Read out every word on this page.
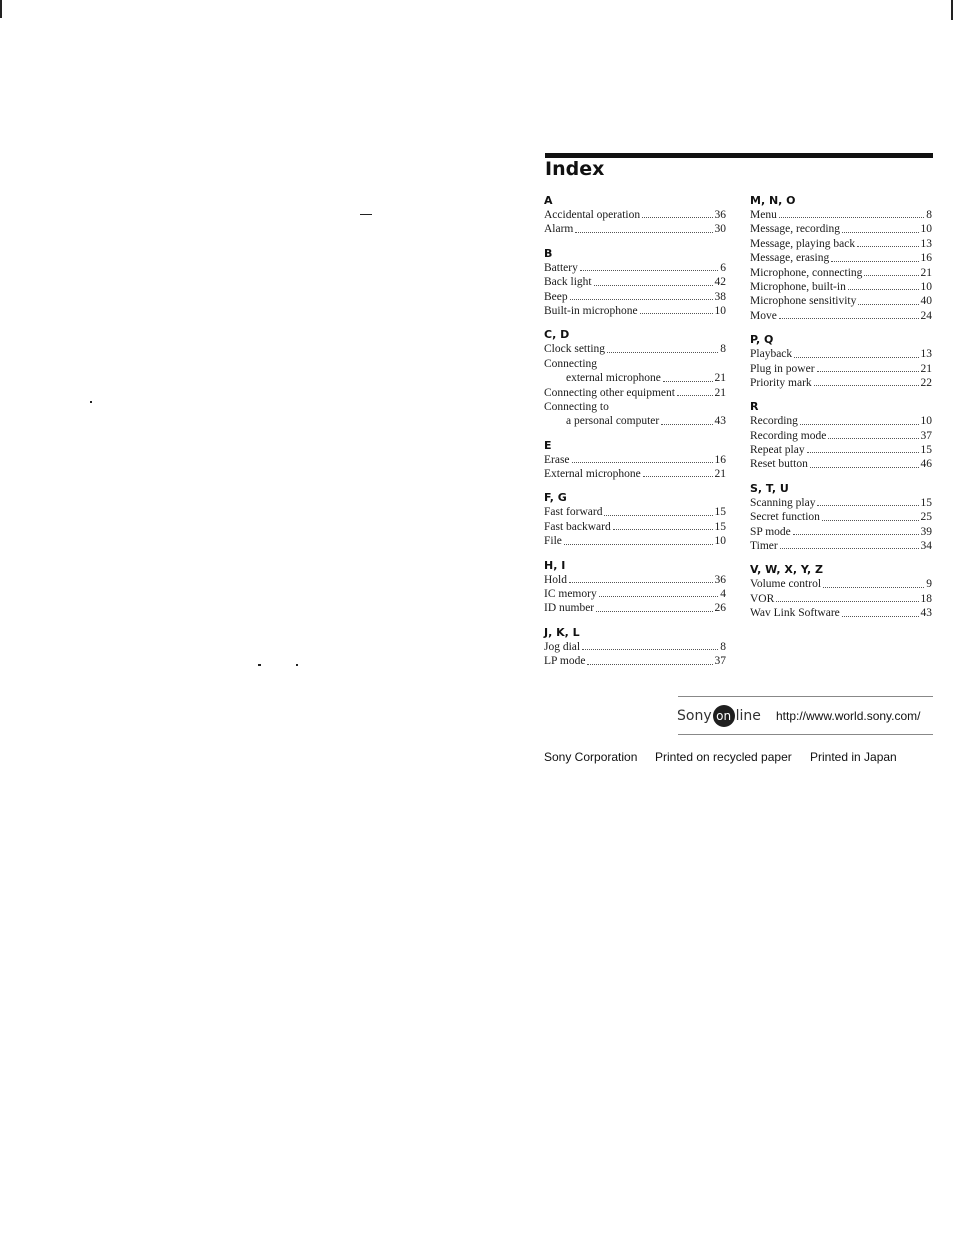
Index
A
Accidental operation	36
Alarm	30
B
Battery	6
Back light	42
Beep	38
Built-in microphone	10
C, D
Clock setting	8
Connecting
external microphone	21
Connecting other equipment	21
Connecting to
a personal computer	43
E
Erase	16
External microphone	21
F, G
Fast forward	15
Fast backward	15
File	10
H, I
Hold	36
IC memory	4
ID number	26
J, K, L
Jog dial	8
LP mode	37
M, N, O
Menu	8
Message, recording	10
Message, playing back	13
Message, erasing	16
Microphone, connecting	21
Microphone, built-in	10
Microphone sensitivity	40
Move	24
P, Q
Playback	13
Plug in power	21
Priority mark	22
R
Recording	10
Recording mode	37
Repeat play	15
Reset button	46
S, T, U
Scanning play	15
Secret function	25
SP mode	39
Timer	34
V, W, X, Y, Z
Volume control	9
VOR	18
Wav Link Software	43
Sony on line http://www.world.sony.com/
Sony Corporation Printed on recycled paper Printed in Japan
